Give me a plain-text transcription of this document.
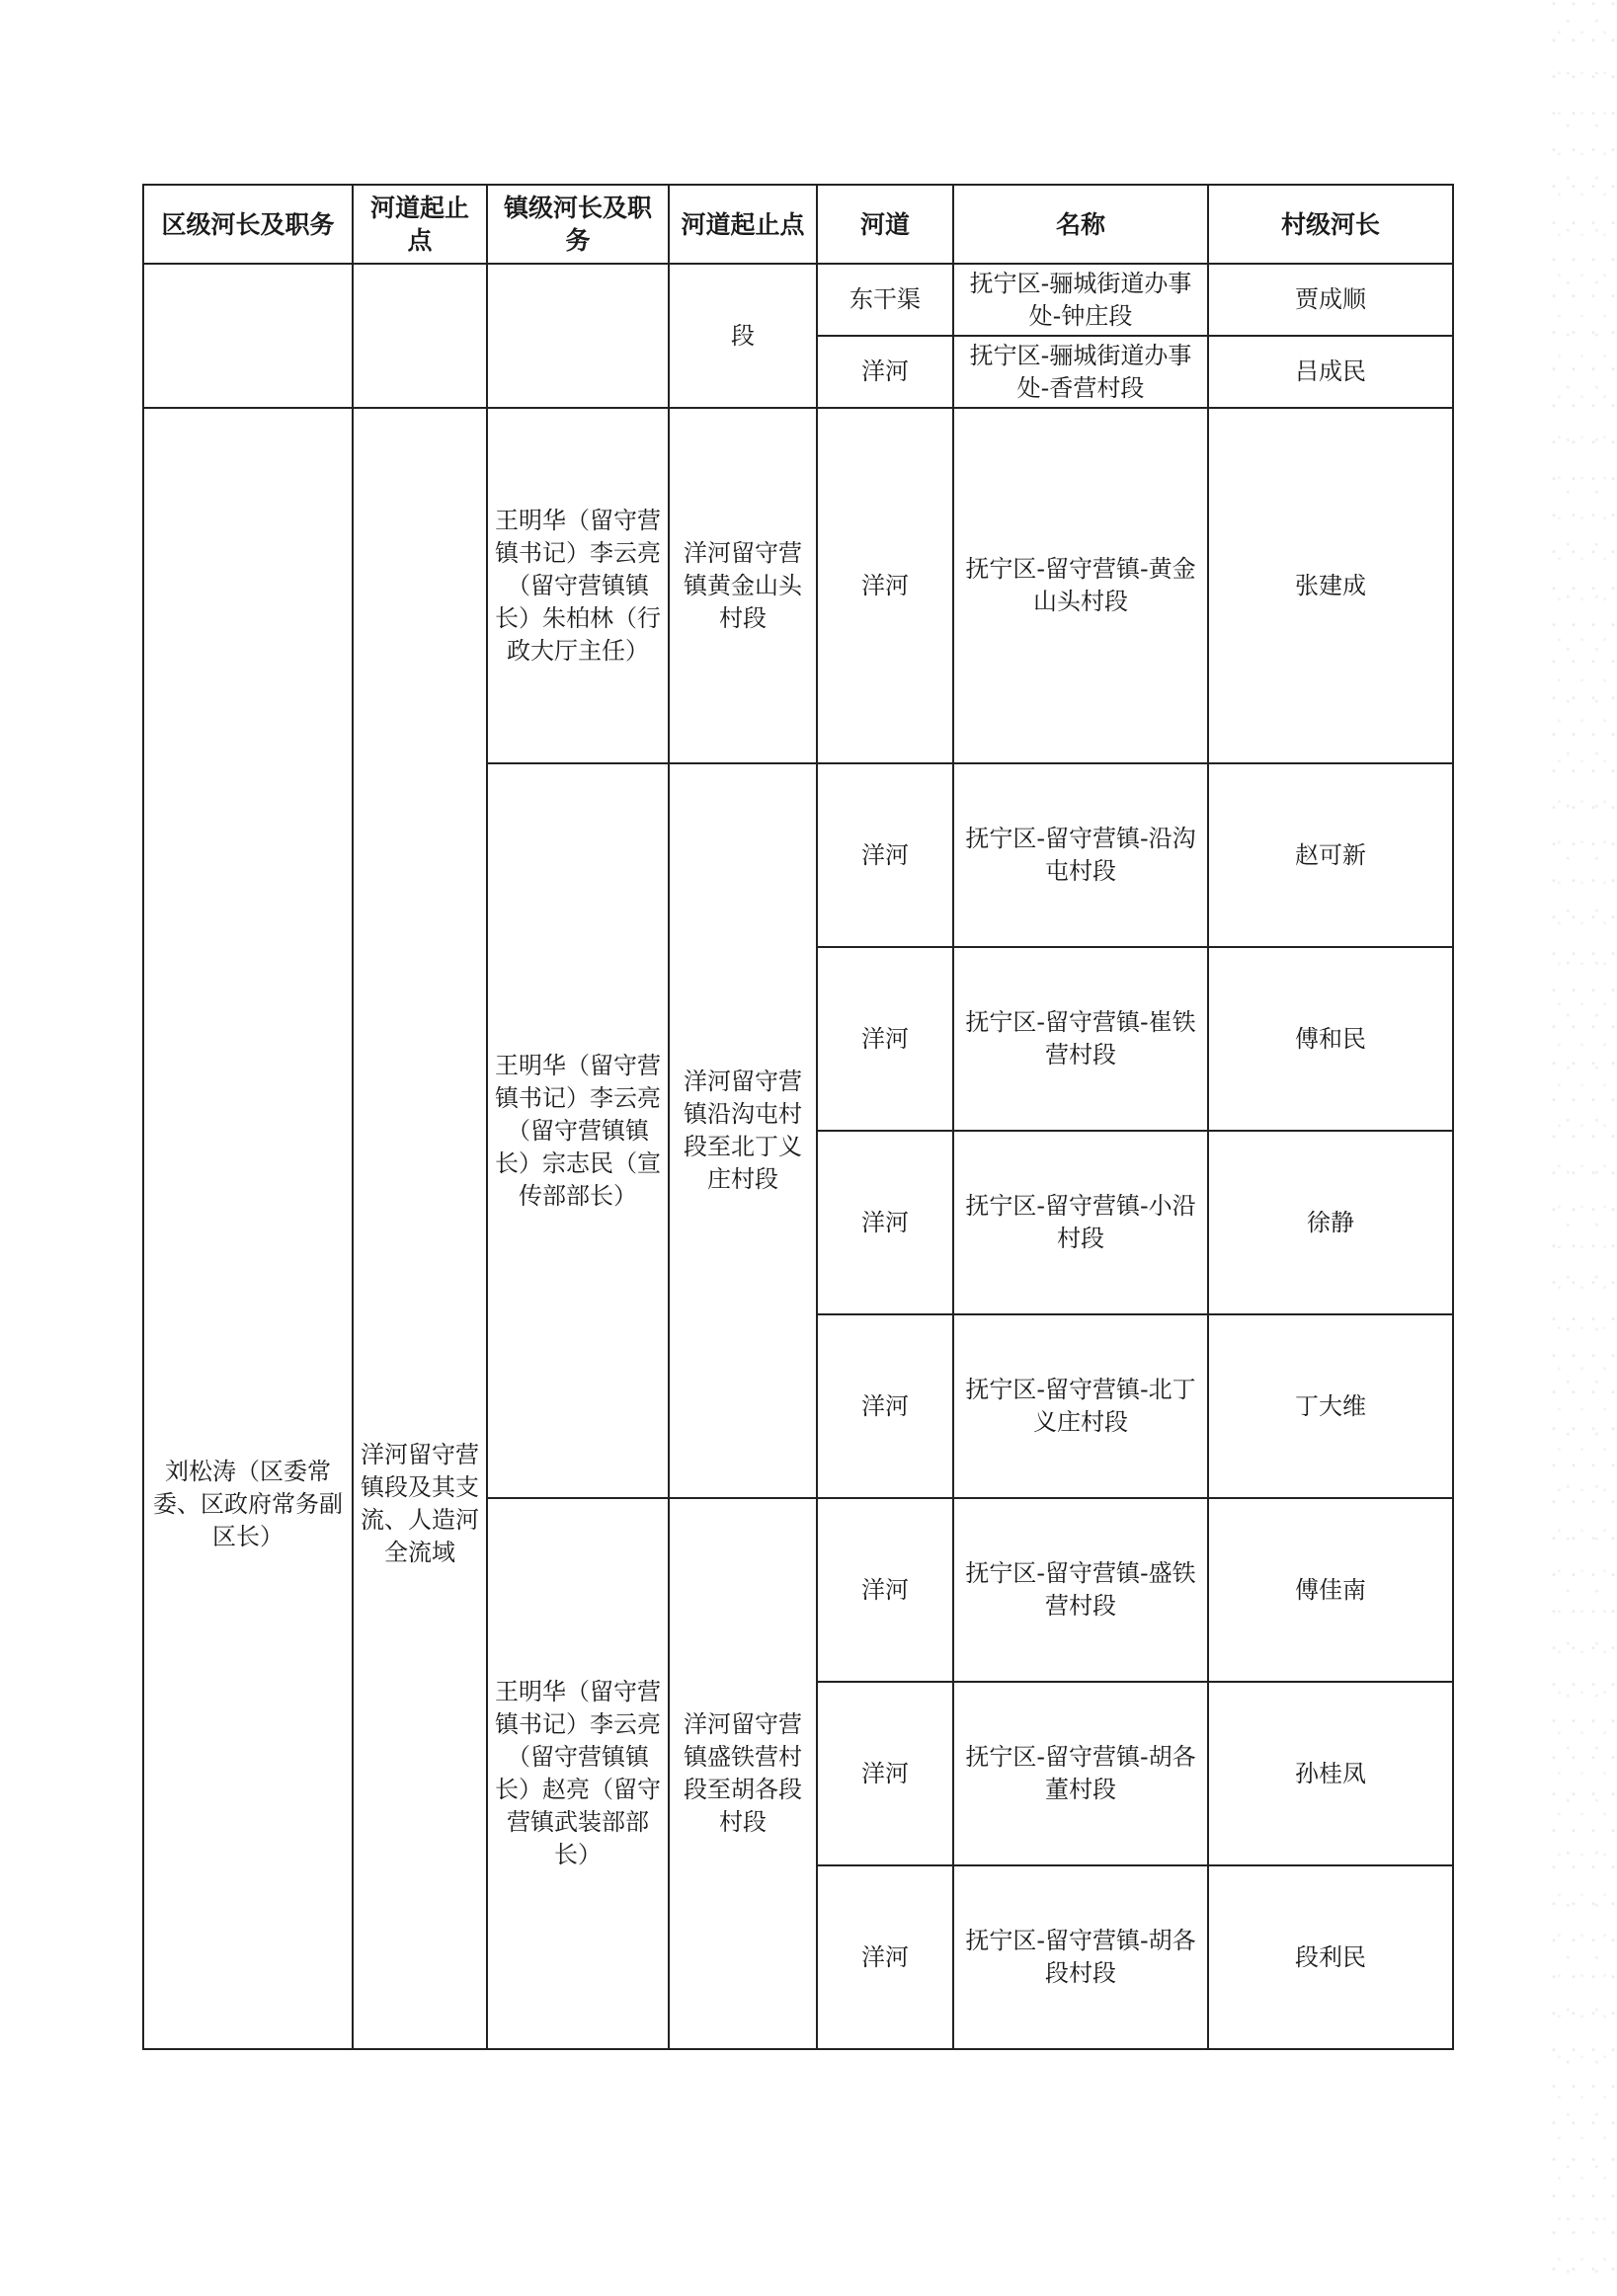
区级河长及职务	河道起止点	镇级河长及职务	河道起止点	河道	名称	村级河长

			段	东干渠	抚宁区-骊城街道办事处-钟庄段	贾成顺
				洋河	抚宁区-骊城街道办事处-香营村段	吕成民
刘松涛（区委常委、区政府常务副区长）	洋河留守营镇段及其支流、人造河全流域	王明华（留守营镇书记）李云亮（留守营镇镇长）朱柏林（行政大厅主任）	洋河留守营镇黄金山头村段	洋河	抚宁区-留守营镇-黄金山头村段	张建成
		王明华（留守营镇书记）李云亮（留守营镇镇长）宗志民（宣传部部长）	洋河留守营镇沿沟屯村段至北丁义庄村段	洋河	抚宁区-留守营镇-沿沟屯村段	赵可新
				洋河	抚宁区-留守营镇-崔铁营村段	傅和民
				洋河	抚宁区-留守营镇-小沿村段	徐静
				洋河	抚宁区-留守营镇-北丁义庄村段	丁大维
		王明华（留守营镇书记）李云亮（留守营镇镇长）赵亮（留守营镇武装部部长）	洋河留守营镇盛铁营村段至胡各段村段	洋河	抚宁区-留守营镇-盛铁营村段	傅佳南
				洋河	抚宁区-留守营镇-胡各董村段	孙桂凤
				洋河	抚宁区-留守营镇-胡各段村段	段利民
